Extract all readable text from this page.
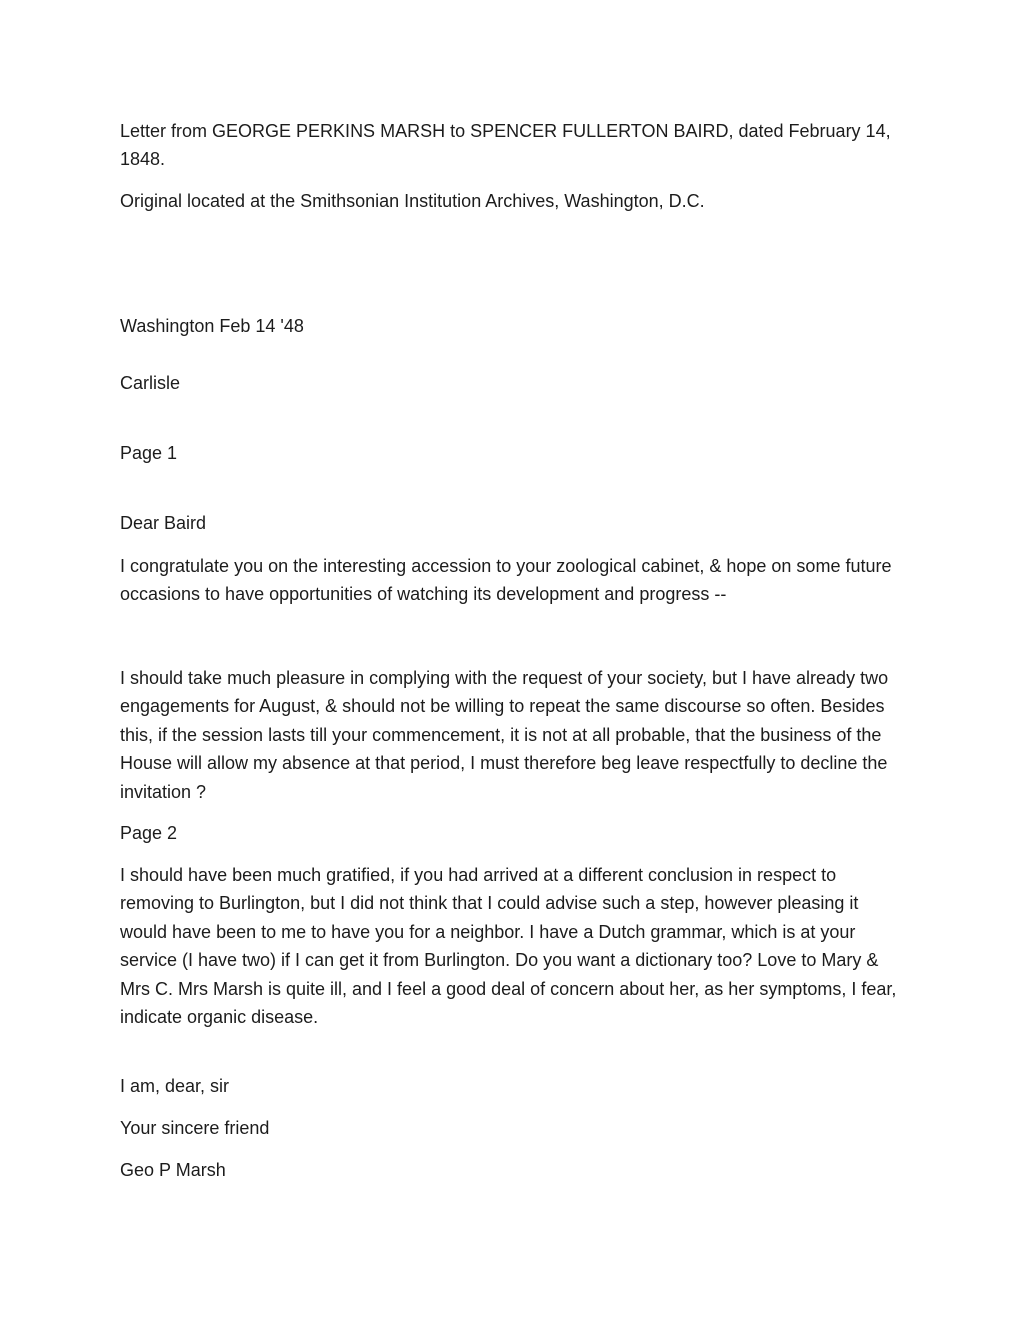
Letter from GEORGE PERKINS MARSH to SPENCER FULLERTON BAIRD, dated February 14, 1848.

Original located at the Smithsonian Institution Archives, Washington, D.C.

Washington Feb 14 '48

Carlisle

Page 1

Dear Baird

I congratulate you on the interesting accession to your zoological cabinet, & hope on some future occasions to have opportunities of watching its development and progress --

I should take much pleasure in complying with the request of your society, but I have already two engagements for August, & should not be willing to repeat the same discourse so often. Besides this, if the session lasts till your commencement, it is not at all probable, that the business of the House will allow my absence at that period, I must therefore beg leave respectfully to decline the invitation ?

Page 2

I should have been much gratified, if you had arrived at a different conclusion in respect to removing to Burlington, but I did not think that I could advise such a step, however pleasing it would have been to me to have you for a neighbor. I have a Dutch grammar, which is at your service (I have two) if I can get it from Burlington. Do you want a dictionary too? Love to Mary & Mrs C. Mrs Marsh is quite ill, and I feel a good deal of concern about her, as her symptoms, I fear, indicate organic disease.

I am, dear, sir

Your sincere friend

Geo P Marsh
